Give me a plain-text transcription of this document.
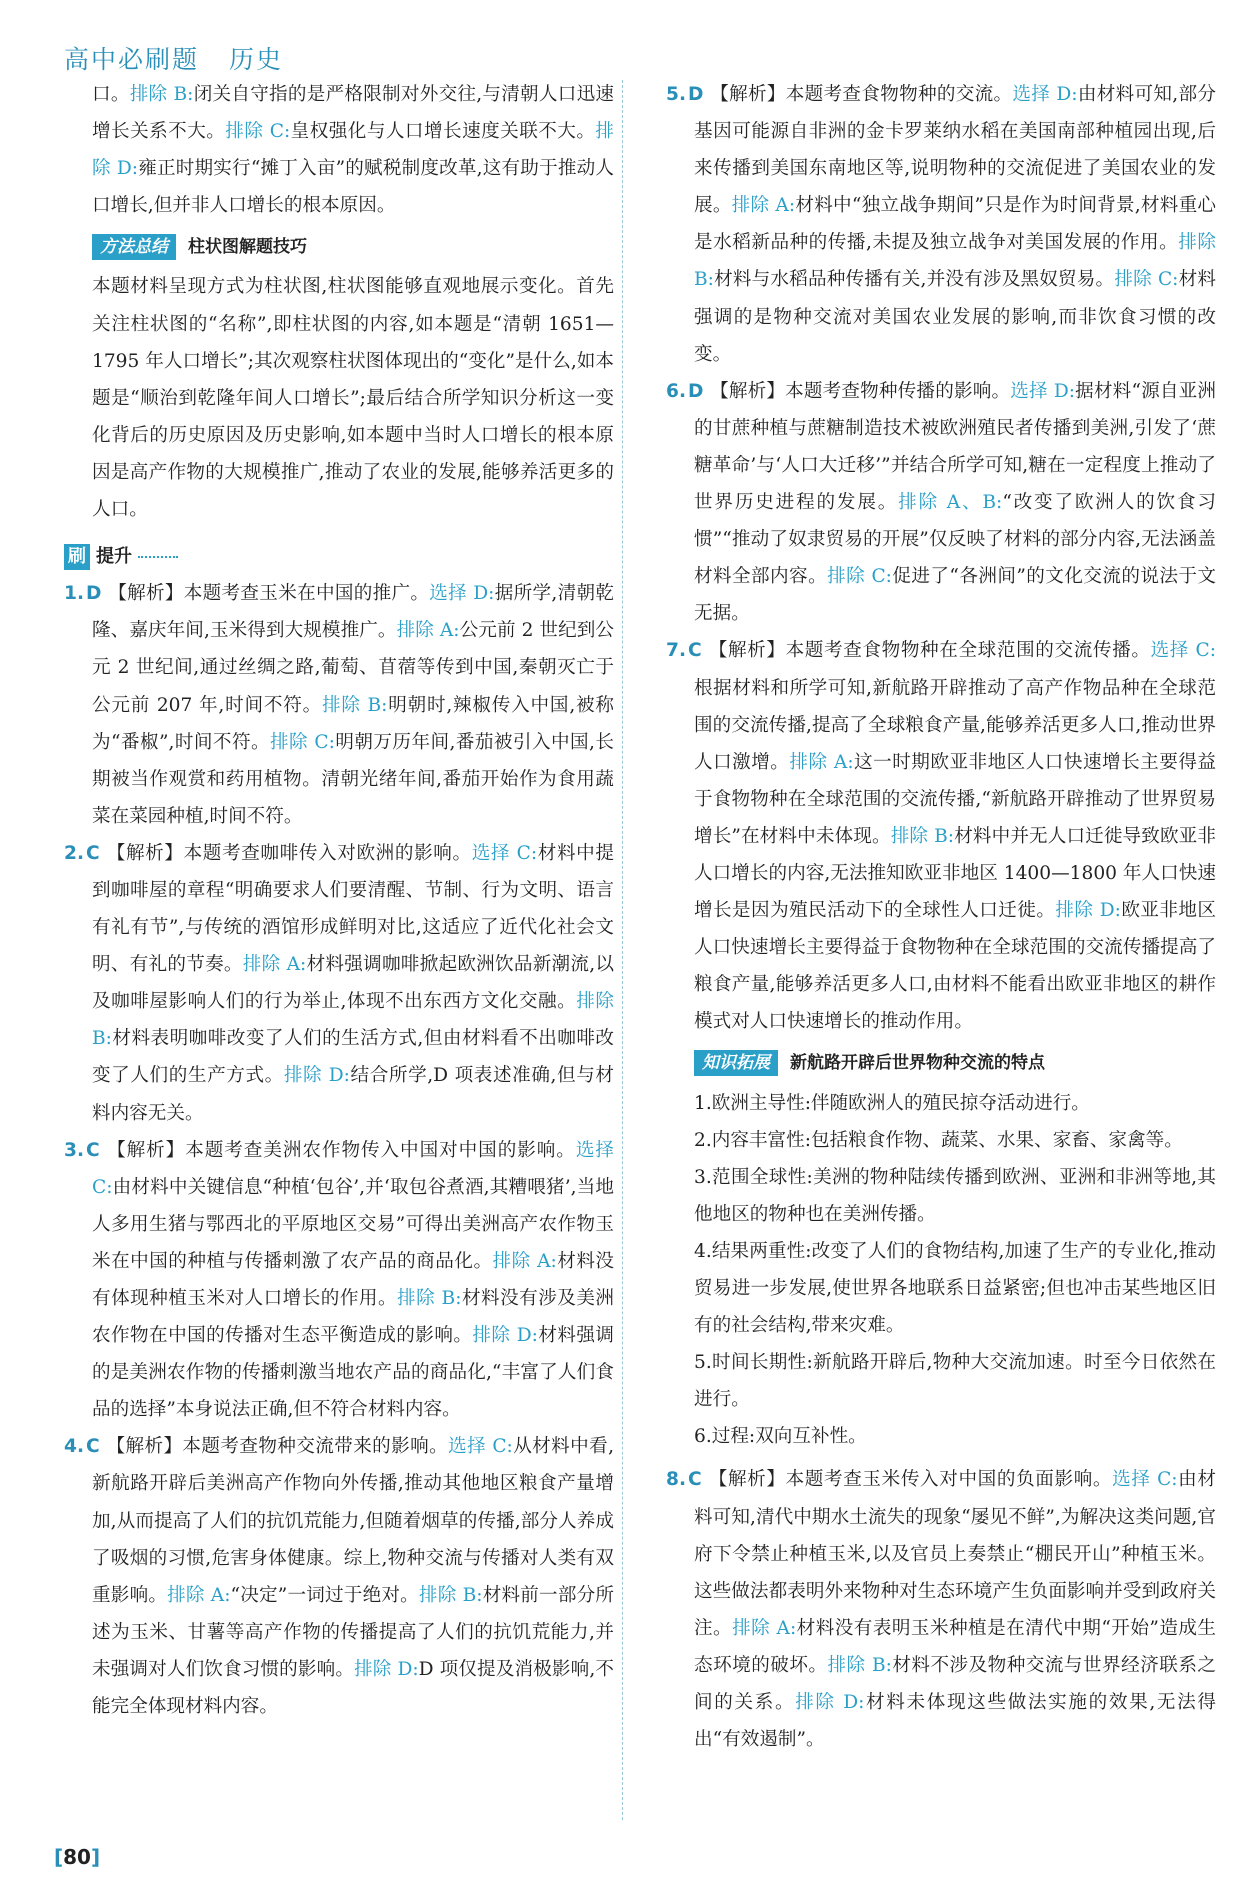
高中必刷题 历史

口。排除 B:闭关自守指的是严格限制对外交往,与清朝人口迅速增长关系不大。排除 C:皇权强化与人口增长速度关联不大。排除 D:雍正时期实行“摊丁入亩”的赋税制度改革,这有助于推动人口增长,但并非人口增长的根本原因。

方法总结 柱状图解题技巧

本题材料呈现方式为柱状图,柱状图能够直观地展示变化。首先关注柱状图的“名称”,即柱状图的内容,如本题是“清朝 1651—1795 年人口增长”;其次观察柱状图体现出的“变化”是什么,如本题是“顺治到乾隆年间人口增长”;最后结合所学知识分析这一变化背后的历史原因及历史影响,如本题中当时人口增长的根本原因是高产作物的大规模推广,推动了农业的发展,能够养活更多的人口。

刷 提升

1. D 【解析】本题考查玉米在中国的推广。选择 D:据所学,清朝乾隆、嘉庆年间,玉米得到大规模推广。排除 A:公元前 2 世纪到公元 2 世纪间,通过丝绸之路,葡萄、苜蓿等传到中国,秦朝灭亡于公元前 207 年,时间不符。排除 B:明朝时,辣椒传入中国,被称为“番椒”,时间不符。排除 C:明朝万历年间,番茄被引入中国,长期被当作观赏和药用植物。清朝光绪年间,番茄开始作为食用蔬菜在菜园种植,时间不符。

2. C 【解析】本题考查咖啡传入对欧洲的影响。选择 C:材料中提到咖啡屋的章程“明确要求人们要清醒、节制、行为文明、语言有礼有节”,与传统的酒馆形成鲜明对比,这适应了近代化社会文明、有礼的节奏。排除 A:材料强调咖啡掀起欧洲饮品新潮流,以及咖啡屋影响人们的行为举止,体现不出东西方文化交融。排除 B:材料表明咖啡改变了人们的生活方式,但由材料看不出咖啡改变了人们的生产方式。排除 D:结合所学,D 项表述准确,但与材料内容无关。

3. C 【解析】本题考查美洲农作物传入中国对中国的影响。选择 C:由材料中关键信息“种植‘包谷’,并‘取包谷煮酒,其糟喂猪’,当地人多用生猪与鄂西北的平原地区交易”可得出美洲高产农作物玉米在中国的种植与传播刺激了农产品的商品化。排除 A:材料没有体现种植玉米对人口增长的作用。排除 B:材料没有涉及美洲农作物在中国的传播对生态平衡造成的影响。排除 D:材料强调的是美洲农作物的传播刺激当地农产品的商品化,“丰富了人们食品的选择”本身说法正确,但不符合材料内容。

4. C 【解析】本题考查物种交流带来的影响。选择 C:从材料中看,新航路开辟后美洲高产作物向外传播,推动其他地区粮食产量增加,从而提高了人们的抗饥荒能力,但随着烟草的传播,部分人养成了吸烟的习惯,危害身体健康。综上,物种交流与传播对人类有双重影响。排除 A:“决定”一词过于绝对。排除 B:材料前一部分所述为玉米、甘薯等高产作物的传播提高了人们的抗饥荒能力,并未强调对人们饮食习惯的影响。排除 D:D 项仅提及消极影响,不能完全体现材料内容。

5. D 【解析】本题考查食物物种的交流。选择 D:由材料可知,部分基因可能源自非洲的金卡罗莱纳水稻在美国南部种植园出现,后来传播到美国东南地区等,说明物种的交流促进了美国农业的发展。排除 A:材料中“独立战争期间”只是作为时间背景,材料重心是水稻新品种的传播,未提及独立战争对美国发展的作用。排除 B:材料与水稻品种传播有关,并没有涉及黑奴贸易。排除 C:材料强调的是物种交流对美国农业发展的影响,而非饮食习惯的改变。

6. D 【解析】本题考查物种传播的影响。选择 D:据材料“源自亚洲的甘蔗种植与蔗糖制造技术被欧洲殖民者传播到美洲,引发了‘蔗糖革命’与‘人口大迁移’”并结合所学可知,糖在一定程度上推动了世界历史进程的发展。排除 A、B:“改变了欧洲人的饮食习惯”“推动了奴隶贸易的开展”仅反映了材料的部分内容,无法涵盖材料全部内容。排除 C:促进了“各洲间”的文化交流的说法于文无据。

7. C 【解析】本题考查食物物种在全球范围的交流传播。选择 C:根据材料和所学可知,新航路开辟推动了高产作物品种在全球范围的交流传播,提高了全球粮食产量,能够养活更多人口,推动世界人口激增。排除 A:这一时期欧亚非地区人口快速增长主要得益于食物物种在全球范围的交流传播,“新航路开辟推动了世界贸易增长”在材料中未体现。排除 B:材料中并无人口迁徙导致欧亚非人口增长的内容,无法推知欧亚非地区 1400—1800 年人口快速增长是因为殖民活动下的全球性人口迁徙。排除 D:欧亚非地区人口快速增长主要得益于食物物种在全球范围的交流传播提高了粮食产量,能够养活更多人口,由材料不能看出欧亚非地区的耕作模式对人口快速增长的推动作用。

知识拓展 新航路开辟后世界物种交流的特点

1.欧洲主导性:伴随欧洲人的殖民掠夺活动进行。

2.内容丰富性:包括粮食作物、蔬菜、水果、家畜、家禽等。

3.范围全球性:美洲的物种陆续传播到欧洲、亚洲和非洲等地,其他地区的物种也在美洲传播。

4.结果两重性:改变了人们的食物结构,加速了生产的专业化,推动贸易进一步发展,使世界各地联系日益紧密;但也冲击某些地区旧有的社会结构,带来灾难。

5.时间长期性:新航路开辟后,物种大交流加速。时至今日依然在进行。

6.过程:双向互补性。

8. C 【解析】本题考查玉米传入对中国的负面影响。选择 C:由材料可知,清代中期水土流失的现象“屡见不鲜”,为解决这类问题,官府下令禁止种植玉米,以及官员上奏禁止“棚民开山”种植玉米。这些做法都表明外来物种对生态环境产生负面影响并受到政府关注。排除 A:材料没有表明玉米种植是在清代中期“开始”造成生态环境的破坏。排除 B:材料不涉及物种交流与世界经济联系之间的关系。排除 D:材料未体现这些做法实施的效果,无法得出“有效遏制”。

[80]
